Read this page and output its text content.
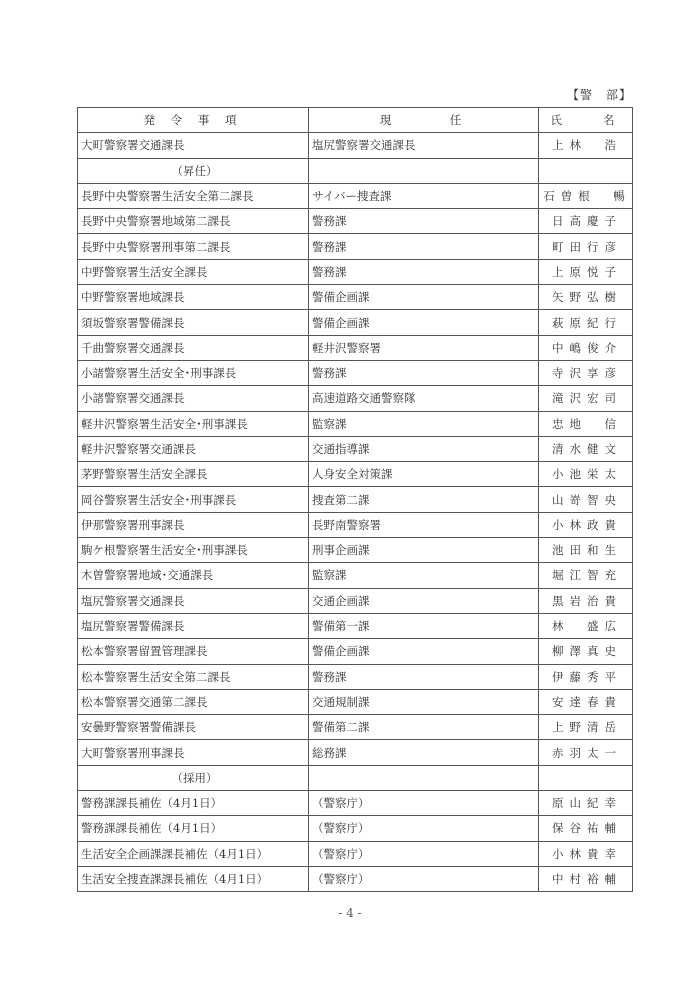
【警　部】
発 令 事 項	現　　　任	氏　　名
大町警察署交通課長	塩尻警察署交通課長	上林　浩
（昇任）		
長野中央警察署生活安全第二課長	サイバー捜査課	石曽根　暢
長野中央警察署地域第二課長	警務課	日高慶子
長野中央警察署刑事第二課長	警務課	町田行彦
中野警察署生活安全課長	警務課	上原悦子
中野警察署地域課長	警備企画課	矢野弘樹
須坂警察署警備課長	警備企画課	萩原紀行
千曲警察署交通課長	軽井沢警察署	中嶋俊介
小諸警察署生活安全･刑事課長	警務課	寺沢享彦
小諸警察署交通課長	高速道路交通警察隊	滝沢宏司
軽井沢警察署生活安全･刑事課長	監察課	忠地　信
軽井沢警察署交通課長	交通指導課	清水健文
茅野警察署生活安全課長	人身安全対策課	小池栄太
岡谷警察署生活安全･刑事課長	捜査第二課	山嵜智央
伊那警察署刑事課長	長野南警察署	小林政貴
駒ケ根警察署生活安全･刑事課長	刑事企画課	池田和生
木曽警察署地域･交通課長	監察課	堀江智充
塩尻警察署交通課長	交通企画課	黒岩治貴
塩尻警察署警備課長	警備第一課	林　盛広
松本警察署留置管理課長	警備企画課	柳澤真史
松本警察署生活安全第二課長	警務課	伊藤秀平
松本警察署交通第二課長	交通規制課	安達春貴
安曇野警察署警備課長	警備第二課	上野清岳
大町警察署刑事課長	総務課	赤羽太一
（採用）		
警務課課長補佐（4月1日）	（警察庁）	原山紀幸
警務課課長補佐（4月1日）	（警察庁）	保谷祐輔
生活安全企画課課長補佐（4月1日）	（警察庁）	小林貴幸
生活安全捜査課課長補佐（4月1日）	（警察庁）	中村裕輔
- 4 -
